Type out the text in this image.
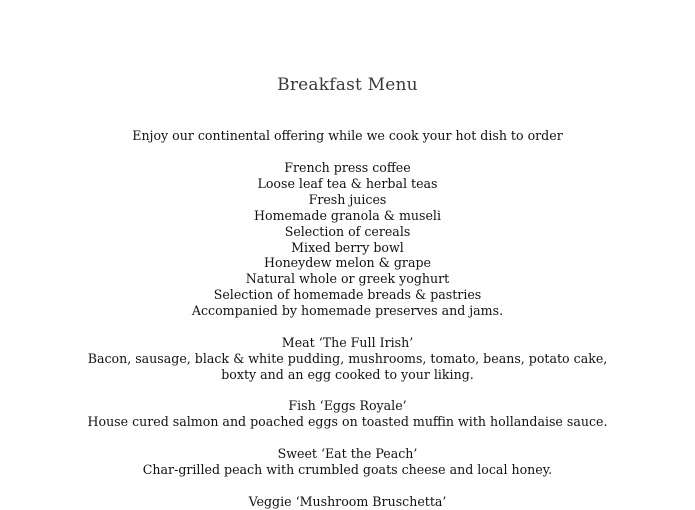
Breakfast Menu
Enjoy our continental offering while we cook your hot dish to order
French press coffee
Loose leaf tea & herbal teas
Fresh juices
Homemade granola & museli
Selection of cereals
Mixed berry bowl
Honeydew melon & grape
Natural whole or greek yoghurt
Selection of homemade breads & pastries
Accompanied by homemade preserves and jams.
Meat ‘The Full Irish’
Bacon, sausage, black & white pudding, mushrooms, tomato, beans, potato cake, boxty and an egg cooked to your liking.
Fish ‘Eggs Royale’
House cured salmon and poached eggs on toasted muffin with hollandaise sauce.
Sweet ‘Eat the Peach’
Char-grilled peach with crumbled goats cheese and local honey.
Veggie ‘Mushroom Bruschetta’
